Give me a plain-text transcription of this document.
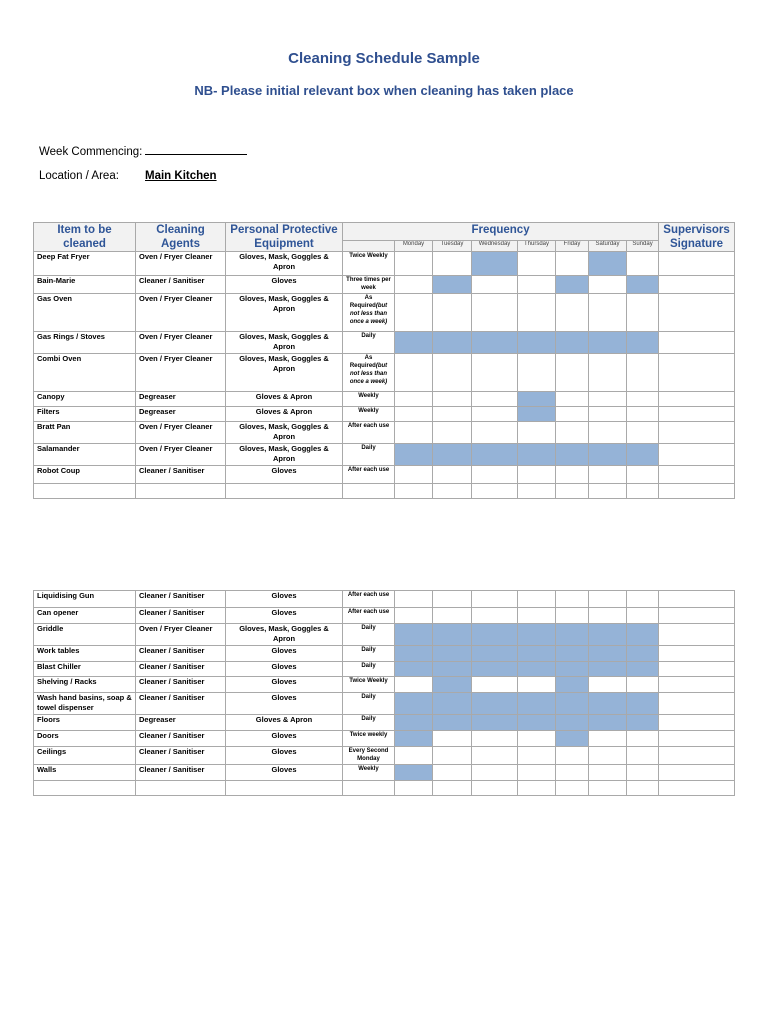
Cleaning Schedule Sample
NB- Please initial relevant box when cleaning has taken place
Week Commencing:
Location / Area: Main Kitchen
Item to be cleaned	Cleaning Agents	Personal Protective Equipment	Frequency								Supervisors Signature
				Monday	Tuesday	Wednesday	Thursday	Friday	Saturday	Sunday	
Deep Fat Fryer	Oven / Fryer Cleaner	Gloves, Mask, Goggles & Apron	Twice Weekly								
Bain-Marie	Cleaner / Sanitiser	Gloves	Three times per week								
Gas Oven	Oven / Fryer Cleaner	Gloves, Mask, Goggles & Apron	As Required(but not less than once a week)								
Gas Rings / Stoves	Oven / Fryer Cleaner	Gloves, Mask, Goggles & Apron	Daily								
Combi Oven	Oven / Fryer Cleaner	Gloves, Mask, Goggles & Apron	As Required(but not less than once a week)								
Canopy	Degreaser	Gloves & Apron	Weekly								
Filters	Degreaser	Gloves & Apron	Weekly								
Bratt Pan	Oven / Fryer Cleaner	Gloves, Mask, Goggles & Apron	After each use								
Salamander	Oven / Fryer Cleaner	Gloves, Mask, Goggles & Apron	Daily								
Robot Coup	Cleaner / Sanitiser	Gloves	After each use								

Liquidising Gun	Cleaner / Sanitiser	Gloves	After each use								
Can opener	Cleaner / Sanitiser	Gloves	After each use								
Griddle	Oven / Fryer Cleaner	Gloves, Mask, Goggles & Apron	Daily								
Work tables	Cleaner / Sanitiser	Gloves	Daily								
Blast Chiller	Cleaner / Sanitiser	Gloves	Daily								
Shelving / Racks	Cleaner / Sanitiser	Gloves	Twice Weekly								
Wash hand basins, soap & towel dispenser	Cleaner / Sanitiser	Gloves	Daily								
Floors	Degreaser	Gloves & Apron	Daily								
Doors	Cleaner / Sanitiser	Gloves	Twice weekly								
Ceilings	Cleaner / Sanitiser	Gloves	Every Second Monday								
Walls	Cleaner / Sanitiser	Gloves	Weekly								
